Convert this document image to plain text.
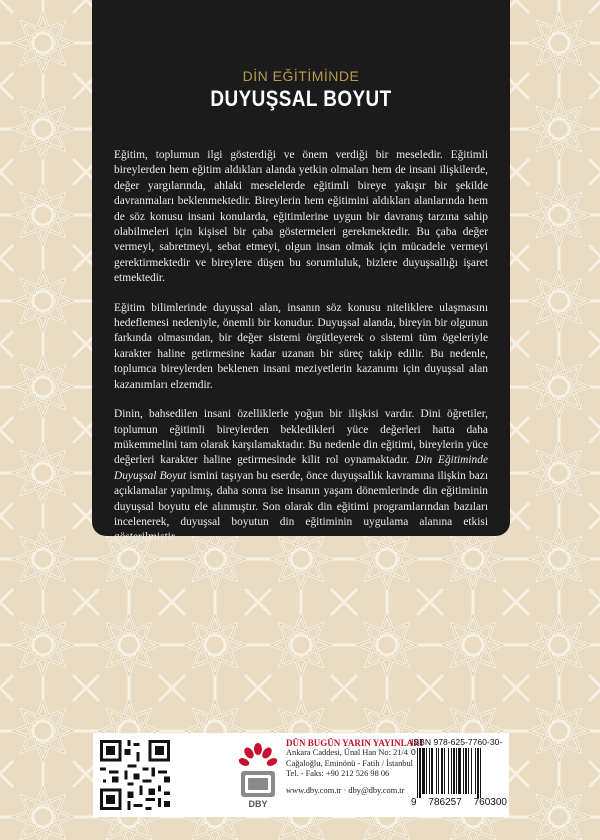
DİN EĞİTİMİNDE
DUYUŞSAL BOYUT

Eğitim, toplumun ilgi gösterdiği ve önem verdiği bir meseledir. Eğitimli bireylerden hem eğitim aldıkları alanda yetkin olmaları hem de insani ilişkilerde, değer yargılarında, ahlaki meselelerde eğitimli bireye yakışır bir şekilde davranmaları beklenmektedir. Bireylerin hem eğitimini aldıkları alanlarında hem de söz konusu insani konularda, eğitimlerine uygun bir davranış tarzına sahip olabilmeleri için kişisel bir çaba göstermeleri gerekmektedir. Bu çaba değer vermeyi, sabretmeyi, sebat etmeyi, olgun insan olmak için mücadele vermeyi gerektirmektedir ve bireylere düşen bu sorumluluk, bizlere duyuşsallığı işaret etmektedir.

Eğitim bilimlerinde duyuşsal alan, insanın söz konusu niteliklere ulaşmasını hedeflemesi nedeniyle, önemli bir konudur. Duyuşsal alanda, bireyin bir olgunun farkında olmasından, bir değer sistemi örgütleyerek o sistemi tüm ögeleriyle karakter haline getirmesine kadar uzanan bir süreç takip edilir. Bu nedenle, toplumca bireylerden beklenen insani meziyetlerin kazanımı için duyuşsal alan kazanımları elzemdir.

Dinin, bahsedilen insani özelliklerle yoğun bir ilişkisi vardır. Dini öğretiler, toplumun eğitimli bireylerden bekledikleri yüce değerleri hatta daha mükemmelini tam olarak karşılamaktadır. Bu nedenle din eğitimi, bireylerin yüce değerleri karakter haline getirmesinde kilit rol oynamaktadır. Din Eğitiminde Duyuşsal Boyut ismini taşıyan bu eserde, önce duyuşsallık kavramına ilişkin bazı açıklamalar yapılmış, daha sonra ise insanın yaşam dönemlerinde din eğitiminin duyuşsal boyutu ele alınmıştır. Son olarak din eğitimi programlarından bazıları incelenerek, duyuşsal boyutun din eğitiminin uygulama alanına etkisi gösterilmiştir.

DBY
DÜN BUGÜN YARIN YAYINLARI
Ankara Caddesi, Ünal Han No: 21/4
Cağaloğlu, Eminönü - Fatih / İstanbul
Tel. - Faks: +90 212 526 98 06
www.dby.com.tr · dby@dby.com.tr
ISBN 978-625-7760-30-0
9 786257 760300
